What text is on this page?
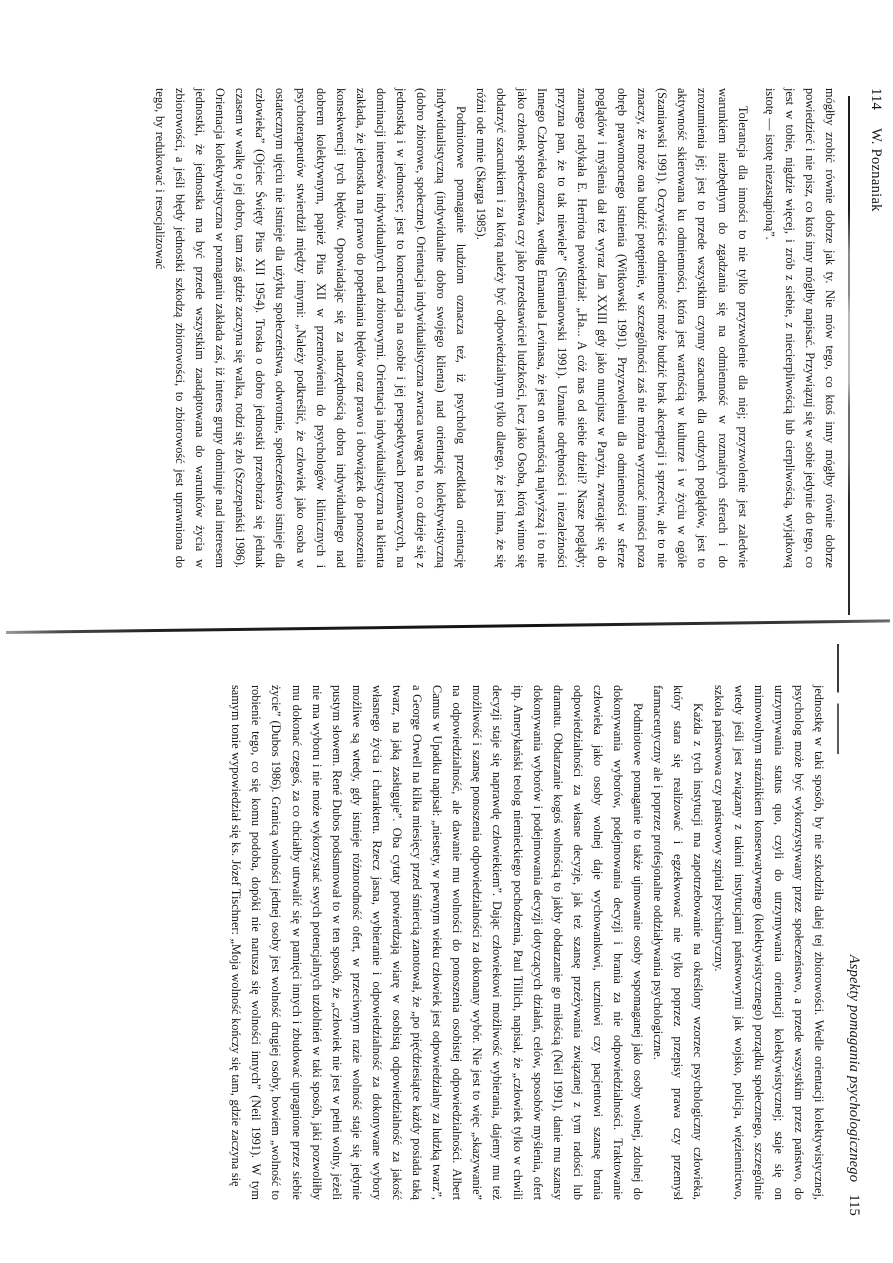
114
W. Poznaniak

mógłby zrobić równie dobrze jak ty. Nie mów tego, co ktoś inny mógłby równie dobrze powiedzieć i nie pisz, co ktoś inny mógłby napisać. Przywiązuj się w sobie jedynie do tego, co jest w tobie, nigdzie więcej, i zrób z siebie, z niecierpliwością lub cierpliwością, wyjątkową istotę — istotę niezastąpioną”.

Tolerancja dla inności to nie tylko przyzwolenie dla niej; przyzwolenie jest zaledwie warunkiem niezbędnym do zgadzania się na odmienność w rozmaitych sferach i do zrozumienia jej; jest to przede wszystkim czynny szacunek dla cudzych poglądów, jest to aktywność skierowana ku odmienności, która jest wartością w kulturze i w życiu w ogóle (Szaniawski 1991). Oczywiście odmienność może budzić brak akceptacji i sprzeciw, ale to nie znaczy, że może ona budzić potępienie, w szczególności zaś nie można wyrzucać inności poza obręb prawomocnego istnienia (Witkowski 1991). Przyzwoleniu dla odmienności w sferze poglądów i myślenia dał też wyraz Jan XXIII gdy jako nuncjusz w Paryżu, zwracając się do znanego radykała E. Herriota powiedział: „Ha... A cóż nas od siebie dzieli? Nasze poglądy; przyzna pan, że to tak niewiele” (Siemianowski 1991). Uznanie odrębności i niezależności Innego Człowieka oznacza, według Emanuela Levinasa, że jest on wartością najwyższą i to nie jako członek społeczeństwa czy jako przedstawiciel ludzkości, lecz jako Osoba, którą winno się obdarzyć szacunkiem i za którą należy być odpowiedzialnym tylko dlatego, że jest inna, że się różni ode mnie (Skarga 1985).

Podmiotowe pomaganie ludziom oznacza też, iż psycholog przedkłada orientację indywidualistyczną (indywidualne dobro swojego klienta) nad orientację kolektywistyczną (dobro zbiorowe, społeczne). Orientacja indywidualistyczna zwraca uwagę na to, co dzieje się z jednostką i w jednostce; jest to koncentracja na osobie i jej perspektywach poznawczych, na dominacji interesów indywidualnych nad zbiorowymi. Orientacja indywidualistyczna na klienta zakłada, że jednostka ma prawo do popełniania błędów oraz prawo i obowiązek do ponoszenia konsekwencji tych błędów. Opowiadając się za nadrzędnością dobra indywidualnego nad dobrem kolektywnym, papież Pius XII w przemówieniu do psychologów klinicznych i psychoterapeutów stwierdził między innymi: „Należy podkreślić, że człowiek jako osoba w ostatecznym ujęciu nie istnieje dla użytku społeczeństwa, odwrotnie, społeczeństwo istnieje dla człowieka” (Ojciec Święty Pius XII 1954). Troska o dobro jednostki przeobraża się jednak czasem w walkę o jej dobro, tam zaś gdzie zaczyna się walka, rodzi się zło (Szczepański 1986). Orientacja kolektywistyczna w pomaganiu zakłada zaś, iż interes grupy dominuje nad interesem jednostki, że jednostka ma być przede wszystkim zaadaptowana do warunków życia w zbiorowości, a jeśli błędy jednostki szkodzą zbiorowości, to zbiorowość jest uprawniona do tego, by redukować i resocjalizować

Aspekty pomagania psychologicznego115

jednostkę w taki sposób, by nie szkodziła dalej tej zbiorowości. Wedle orientacji kolektywistycznej, psycholog może być wykorzystywany przez społeczeństwo, a przede wszystkim przez państwo, do utrzymywania status quo, czyli do utrzymywania orientacji kolektywistycznej; staje się on mimowolnym strażnikiem konserwatywnego (kolektywistycznego) porządku społecznego, szczególnie wtedy jeśli jest związany z takimi instytucjami państwowymi jak wojsko, policja, więziennictwo, szkoła państwowa czy państwowy szpital psychiatryczny.

Każda z tych instytucji ma zapotrzebowanie na określony wzorzec psychologiczny człowieka, który stara się realizować i egzekwować nie tylko poprzez przepisy prawa czy przemysł farmaceutyczny ale i poprzez profesjonalne oddziaływania psychologiczne.

Podmiotowe pomaganie to także ujmowanie osoby wspomaganej jako osoby wolnej, zdolnej do dokonywania wyborów, podejmowania decyzji i brania za nie odpowiedzialności. Traktowanie człowieka jako osoby wolnej daje wychowankowi, uczniowi czy pacjentowi szansę brania odpowiedzialności za własne decyzje, jak też szansę przeżywania związanej z tym radości lub dramatu. Obdarzanie kogoś wolnością to jakby obdarzanie go miłością (Neil 1991), danie mu szansy dokonywania wyborów i podejmowania decyzji dotyczących działań, celów, sposobów myślenia, ofert itp. Amerykański teolog niemieckiego pochodzenia, Paul Tillich, napisał, że „człowiek tylko w chwili decyzji staje się naprawdę człowiekiem”. Dając człowiekowi możliwość wybierania, dajemy mu też możliwość i szansę ponoszenia odpowiedzialności za dokonany wybór. Nie jest to więc „skazywanie” na odpowiedzialność, ale dawanie mu wolności do ponoszenia osobistej odpowiedzialności. Albert Camus w Upadku napisał: „niestety, w pewnym wieku człowiek jest odpowiedzialny za ludzką twarz”, a George Orwell na kilka miesięcy przed śmiercią zanotował, że „po pięćdziesiątce każdy posiada taką twarz, na jaką zasługuje”. Oba cytaty potwierdzają wiarę w osobistą odpowiedzialność za jakość własnego życia i charakteru. Rzecz jasna, wybieranie i odpowiedzialność za dokonywane wybory możliwe są wtedy, gdy istnieje różnorodność ofert, w przeciwnym razie wolność staje się jedynie pustym słowem. René Dubos podsumował to w ten sposób, że „człowiek nie jest w pełni wolny, jeżeli nie ma wyboru i nie może wykorzystać swych potencjalnych uzdolnień w taki sposób, jaki pozwoliłby mu dokonać czegoś, za co chciałby utrwalić się w pamięci innych i zbudować upragnione przez siebie życie” (Dubos 1986). Granicą wolności jednej osoby jest wolność drugiej osoby, bowiem „wolność to robienie tego, co się komu podoba, dopóki nie narusza się wolności innych” (Neil 1991). W tym samym tonie wypowiedział się ks. Józef Tischner: „Moja wolność kończy się tam, gdzie zaczyna się
